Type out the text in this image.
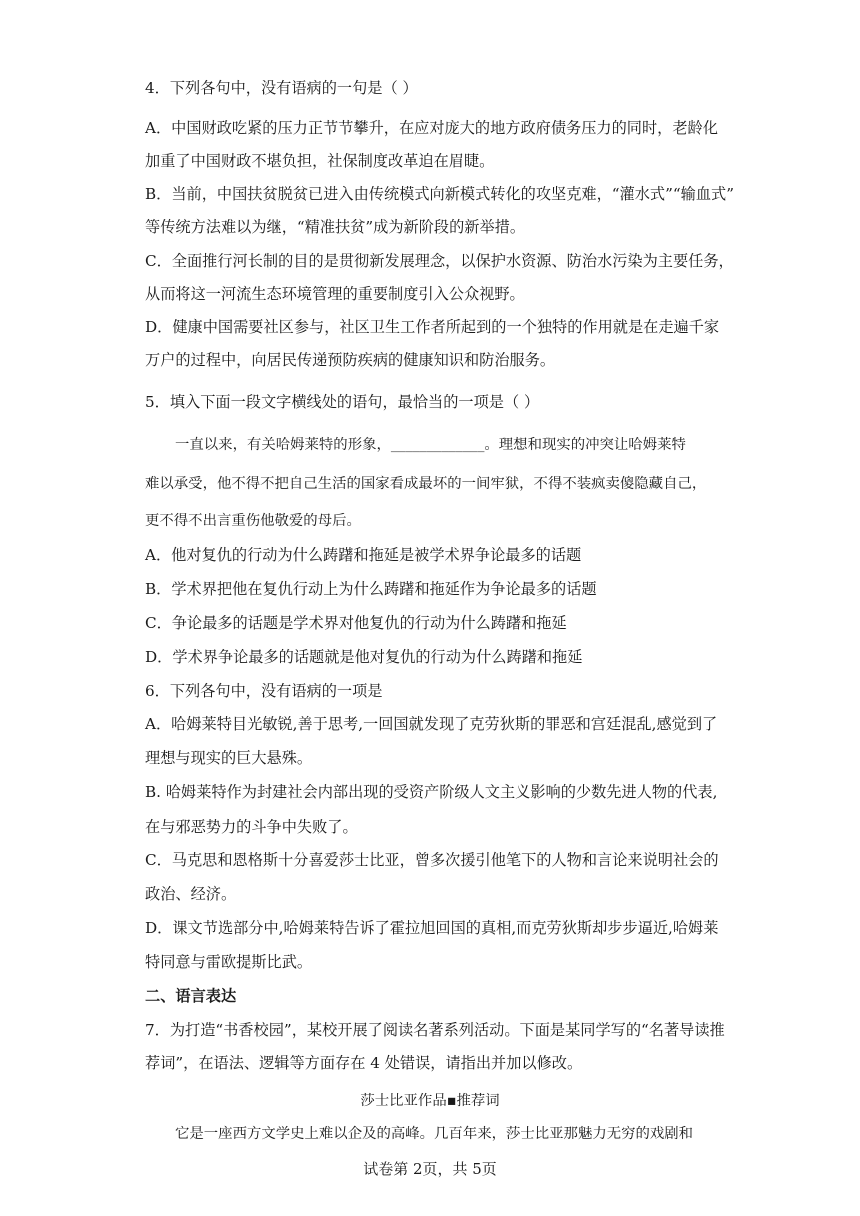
4．下列各句中，没有语病的一句是（ ）
A．中国财政吃紧的压力正节节攀升，在应对庞大的地方政府债务压力的同时，老龄化
加重了中国财政不堪负担，社保制度改革迫在眉睫。
B．当前，中国扶贫脱贫已进入由传统模式向新模式转化的攻坚克难，“灌水式”“输血式”
等传统方法难以为继，“精准扶贫”成为新阶段的新举措。
C．全面推行河长制的目的是贯彻新发展理念，以保护水资源、防治水污染为主要任务，
从而将这一河流生态环境管理的重要制度引入公众视野。
D．健康中国需要社区参与，社区卫生工作者所起到的一个独特的作用就是在走遍千家
万户的过程中，向居民传递预防疾病的健康知识和防治服务。
5．填入下面一段文字横线处的语句，最恰当的一项是（ ）
一直以来，有关哈姆莱特的形象，_____________。理想和现实的冲突让哈姆莱特
难以承受，他不得不把自己生活的国家看成最坏的一间牢狱，不得不装疯卖傻隐藏自己，
更不得不出言重伤他敬爱的母后。
A．他对复仇的行动为什么踌躇和拖延是被学术界争论最多的话题
B．学术界把他在复仇行动上为什么踌躇和拖延作为争论最多的话题
C．争论最多的话题是学术界对他复仇的行动为什么踌躇和拖延
D．学术界争论最多的话题就是他对复仇的行动为什么踌躇和拖延
6．下列各句中，没有语病的一项是
A．哈姆莱特目光敏锐,善于思考,一回国就发现了克劳狄斯的罪恶和宫廷混乱,感觉到了
理想与现实的巨大悬殊。
B. 哈姆莱特作为封建社会内部出现的受资产阶级人文主义影响的少数先进人物的代表,
在与邪恶势力的斗争中失败了。
C．马克思和恩格斯十分喜爱莎士比亚，曾多次援引他笔下的人物和言论来说明社会的
政治、经济。
D．课文节选部分中,哈姆莱特告诉了霍拉旭回国的真相,而克劳狄斯却步步逼近,哈姆莱
特同意与雷欧提斯比武。
二、语言表达
7．为打造“书香校园”，某校开展了阅读名著系列活动。下面是某同学写的“名著导读推
荐词”，在语法、逻辑等方面存在 4 处错误，请指出并加以修改。
莎士比亚作品▪推荐词
它是一座西方文学史上难以企及的高峰。几百年来，莎士比亚那魅力无穷的戏剧和
试卷第 2页，共 5页
